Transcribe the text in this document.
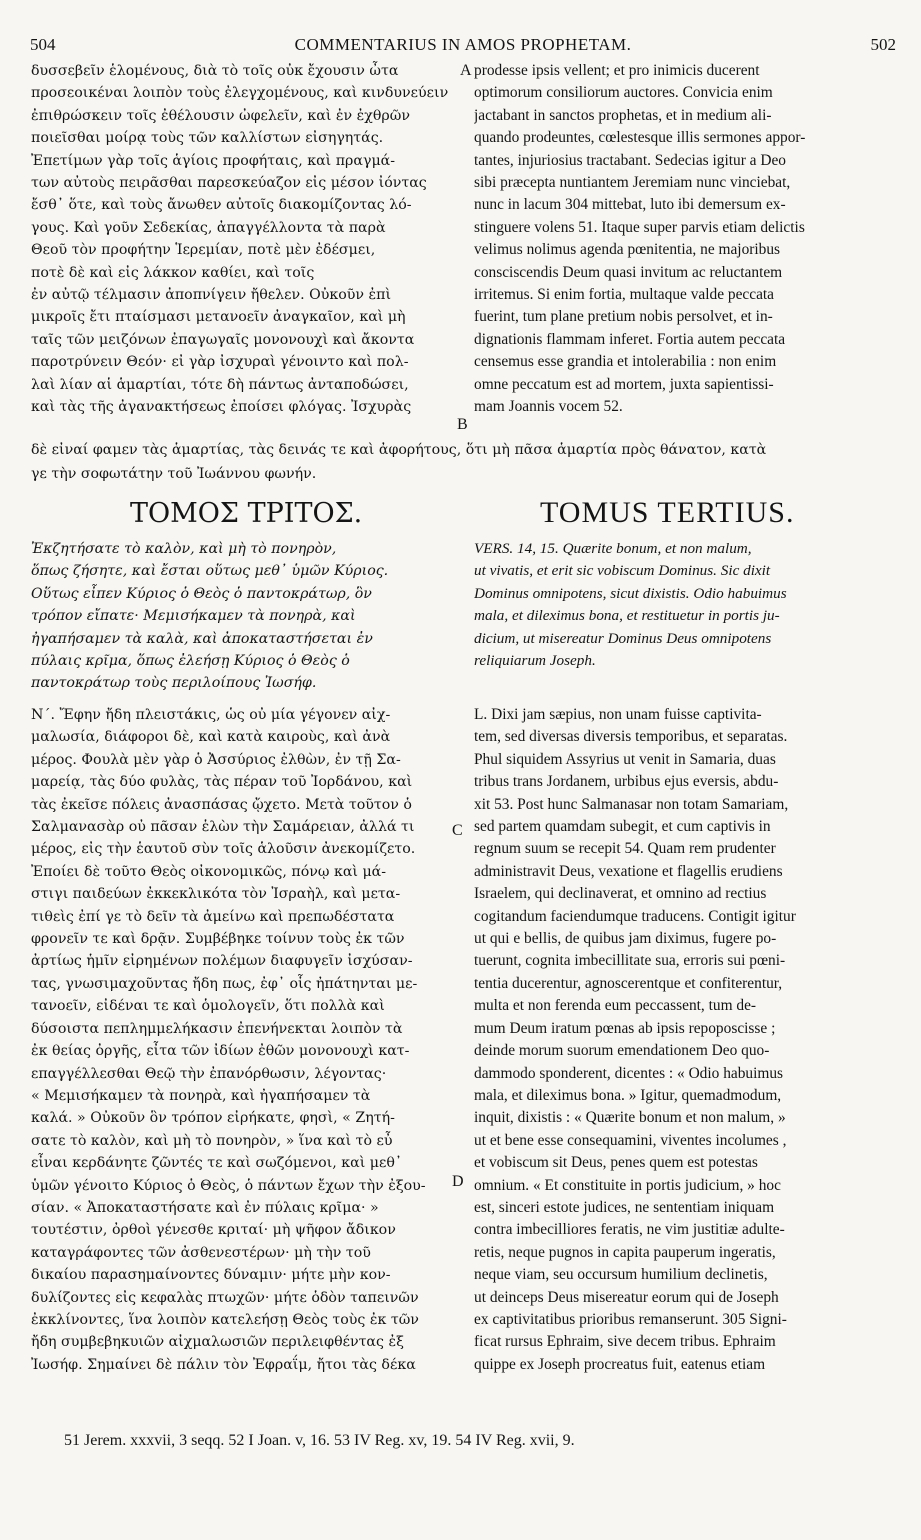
504	COMMENTARIUS IN AMOS PROPHETAM.	502
δυσσεβεῖν ἑλομένους, διὰ τὸ τοῖς οὐκ ἔχουσιν ὦτα
προσεοικέναι λοιπὸν τοὺς ἐλεγχομένους, καὶ κινδυνεύειν
ἐπιθρώσκειν τοῖς ἐθέλουσιν ὠφελεῖν, καὶ ἐν ἐχθρῶν
ποιεῖσθαι μοίρᾳ τοὺς τῶν καλλίστων εἰσηγητάς.
Ἐπετίμων γὰρ τοῖς ἁγίοις προφήταις, καὶ πραγμά-
των αὐτοὺς πειρᾶσθαι παρεσκεύαζον εἰς μέσον ἰόντας
ἔσθ᾽ ὅτε, καὶ τοὺς ἄνωθεν αὐτοῖς διακομίζοντας λό-
γους. Καὶ γοῦν Σεδεκίας, ἀπαγγέλλοντα τὰ παρὰ
Θεοῦ τὸν προφήτην Ἱερεμίαν, ποτὲ μὲν ἐδέσμει,
ποτὲ δὲ καὶ εἰς λάκκον καθίει, καὶ τοῖς
ἐν αὐτῷ τέλμασιν ἀποπνίγειν ἤθελεν. Οὐκοῦν ἐπὶ
μικροῖς ἔτι πταίσμασι μετανοεῖν ἀναγκαῖον, καὶ μὴ
ταῖς τῶν μειζόνων ἐπαγωγαῖς μονονουχὶ καὶ ἄκοντα
παροτρύνειν Θεόν· εἰ γὰρ ἰσχυραὶ γένοιντο καὶ πολ-
λαὶ λίαν αἱ ἁμαρτίαι, τότε δὴ πάντως ἀνταποδώσει,
καὶ τὰς τῆς ἀγανακτήσεως ἐποίσει φλόγας. Ἰσχυρὰς
prodesse ipsis vellent; et pro inimicis ducerent
optimorum consiliorum auctores. Convicia enim
jactabant in sanctos prophetas, et in medium ali-
quando prodeuntes, cœlestesque illis sermones appor-
tantes, injuriosius tractabant. Sedecias igitur a Deo
sibi præcepta nuntiantem Jeremiam nunc vinciebat,
nunc in lacum 304 mittebat, luto ibi demersum ex-
stinguere volens 51. Itaque super parvis etiam delictis
velimus nolimus agenda pœnitentia, ne majoribus
consciscendis Deum quasi invitum ac reluctantem
irritemus. Si enim fortia, multaque valde peccata
fuerint, tum plane pretium nobis persolvet, et in-
dignationis flammam inferet. Fortia autem peccata
censemus esse grandia et intolerabilia : non enim
omne peccatum est ad mortem, juxta sapientissi-
mam Joannis vocem 52.
A
B
δὲ εἶναί φαμεν τὰς ἁμαρτίας, τὰς δεινάς τε καὶ ἀφορήτους, ὅτι μὴ πᾶσα ἁμαρτία πρὸς θάνατον, κατὰ
γε τὴν σοφωτάτην τοῦ Ἰωάννου φωνήν.
ΤΟΜΟΣ ΤΡΙΤΟΣ.	TOMUS TERTIUS.
Ἐκζητήσατε τὸ καλὸν, καὶ μὴ τὸ πονηρὸν,
ὅπως ζήσητε, καὶ ἔσται οὕτως μεθ᾽ ὑμῶν Κύριος.
Οὕτως εἶπεν Κύριος ὁ Θεὸς ὁ παντοκράτωρ, ὃν
τρόπον εἴπατε· Μεμισήκαμεν τὰ πονηρὰ, καὶ
ἠγαπήσαμεν τὰ καλὰ, καὶ ἀποκαταστήσεται ἐν
πύλαις κρῖμα, ὅπως ἐλεήσῃ Κύριος ὁ Θεὸς ὁ
παντοκράτωρ τοὺς περιλοίπους Ἰωσήφ.
VERS. 14, 15. Quærite bonum, et non malum,
ut vivatis, et erit sic vobiscum Dominus. Sic dixit
Dominus omnipotens, sicut dixistis. Odio habuimus
mala, et dileximus bona, et restituetur in portis ju-
dicium, ut misereatur Dominus Deus omnipotens
reliquiarum Joseph.
Ν΄. Ἔφην ἤδη πλειστάκις, ὡς οὐ μία γέγονεν αἰχ-
μαλωσία, διάφοροι δὲ, καὶ κατὰ καιροὺς, καὶ ἀνὰ
μέρος. Φουλὰ μὲν γὰρ ὁ Ἀσσύριος ἐλθὼν, ἐν τῇ Σα-
μαρείᾳ, τὰς δύο φυλὰς, τὰς πέραν τοῦ Ἰορδάνου, καὶ
τὰς ἐκεῖσε πόλεις ἀνασπάσας ᾤχετο. Μετὰ τοῦτον ὁ
Σαλμανασὰρ οὐ πᾶσαν ἑλὼν τὴν Σαμάρειαν, ἀλλά τι
μέρος, εἰς τὴν ἑαυτοῦ σὺν τοῖς ἁλοῦσιν ἀνεκομίζετο.
Ἐποίει δὲ τοῦτο Θεὸς οἰκονομικῶς, πόνῳ καὶ μά-
στιγι παιδεύων ἐκκεκλικότα τὸν Ἰσραὴλ, καὶ μετα-
τιθεὶς ἐπί γε τὸ δεῖν τὰ ἀμείνω καὶ πρεπωδέστατα
φρονεῖν τε καὶ δρᾷν. Συμβέβηκε τοίνυν τοὺς ἐκ τῶν
ἀρτίως ἡμῖν εἰρημένων πολέμων διαφυγεῖν ἰσχύσαν-
τας, γνωσιμαχοῦντας ἤδη πως, ἐφ᾽ οἷς ἠπάτηνται με-
τανοεῖν, εἰδέναι τε καὶ ὁμολογεῖν, ὅτι πολλὰ καὶ
δύσοιστα πεπλημμελήκασιν ἐπενήνεκται λοιπὸν τὰ
ἐκ θείας ὀργῆς, εἶτα τῶν ἰδίων ἐθῶν μονονουχὶ κατ-
επαγγέλλεσθαι Θεῷ τὴν ἐπανόρθωσιν, λέγοντας·
« Μεμισήκαμεν τὰ πονηρὰ, καὶ ἠγαπήσαμεν τὰ
καλά. » Οὐκοῦν ὃν τρόπον εἰρήκατε, φησὶ, « Ζητή-
σατε τὸ καλὸν, καὶ μὴ τὸ πονηρὸν, » ἵνα καὶ τὸ εὖ
εἶναι κερδάνητε ζῶντές τε καὶ σωζόμενοι, καὶ μεθ᾽
ὑμῶν γένοιτο Κύριος ὁ Θεὸς, ὁ πάντων ἔχων τὴν ἐξου-
σίαν. « Ἀποκαταστήσατε καὶ ἐν πύλαις κρῖμα· »
τουτέστιν, ὀρθοὶ γένεσθε κριταί· μὴ ψῆφον ἄδικον
καταγράφοντες τῶν ἀσθενεστέρων· μὴ τὴν τοῦ
δικαίου παρασημαίνοντες δύναμιν· μήτε μὴν κον-
δυλίζοντες εἰς κεφαλὰς πτωχῶν· μήτε ὁδὸν ταπεινῶν
ἐκκλίνοντες, ἵνα λοιπὸν κατελεήσῃ Θεὸς τοὺς ἐκ τῶν
ἤδη συμβεβηκυιῶν αἰχμαλωσιῶν περιλειφθέντας ἐξ
Ἰωσήφ. Σημαίνει δὲ πάλιν τὸν Ἐφραΐμ, ἤτοι τὰς δέκα
L. Dixi jam sæpius, non unam fuisse captivita-
tem, sed diversas diversis temporibus, et separatas.
Phul siquidem Assyrius ut venit in Samaria, duas
tribus trans Jordanem, urbibus ejus eversis, abdu-
xit 53. Post hunc Salmanasar non totam Samariam,
sed partem quamdam subegit, et cum captivis in
regnum suum se recepit 54. Quam rem prudenter
administravit Deus, vexatione et flagellis erudiens
Israelem, qui declinaverat, et omnino ad rectius
cogitandum faciendumque traducens. Contigit igitur
ut qui e bellis, de quibus jam diximus, fugere po-
tuerunt, cognita imbecillitate sua, erroris sui pœni-
tentia ducerentur, agnoscerentque et confiterentur,
multa et non ferenda eum peccassent, tum de-
mum Deum iratum pœnas ab ipsis repoposcisse ;
deinde morum suorum emendationem Deo quo-
dammodo sponderent, dicentes : « Odio habuimus
mala, et dileximus bona. » Igitur, quemadmodum,
inquit, dixistis : « Quærite bonum et non malum, »
ut et bene esse consequamini, viventes incolumes ,
et vobiscum sit Deus, penes quem est potestas
omnium. « Et constituite in portis judicium, » hoc
est, sinceri estote judices, ne sententiam iniquam
contra imbecilliores feratis, ne vim justitiæ adulte-
retis, neque pugnos in capita pauperum ingeratis,
neque viam, seu occursum humilium declinetis,
ut deinceps Deus misereatur eorum qui de Joseph
ex captivitatibus prioribus remanserunt. 305 Signi-
ficat rursus Ephraim, sive decem tribus. Ephraim
quippe ex Joseph procreatus fuit, eatenus etiam
C
D
51 Jerem. xxxvii, 3 seqq. 52 I Joan. v, 16. 53 IV Reg. xv, 19. 54 IV Reg. xvii, 9.
